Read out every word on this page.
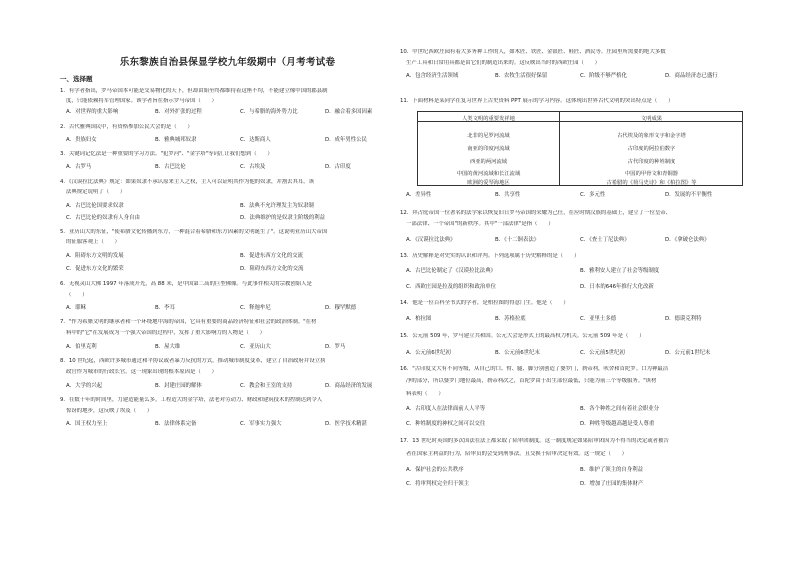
乐东黎族自治县保显学校九年级期中（月考考试卷
一、选择题
1．有学者指出，罗马帝国本可能是交易物化的天下，但却由始至终都维持着这座不均，不能建立像中国的郡县制
度，只能依赖将军管理国家。该学者旨在指示罗马帝国（　　）
A．对世界的重大影响	B．对外扩张的过程	C．与希腊的海外势力比	D．融合着多国因素
2．古代雅典国民中，有资格参加公民大会的是（　　）
A．贵族妇女	B．雅典城邦奴隶	C．达斯商人	D．成年男性公民
3．关键词记忆法是一种重要的学习方法。"犯罗河"、"金字塔"等词汇让我们想到（　　）
A．古罗马	B．古巴比伦	C．古埃及	D．古印度
4．《汉谟拉比法典》规定：如果奴隶不承认原来主人之权，主人可以证明其作为他的奴隶，并割去其耳。该
法典规定说明了（　　）
A．古巴比伦国要求奴隶	B．法典不允许理发主为奴隶制
C．古巴比伦的奴隶有人身自由	D．法典维护的是奴隶主阶级的利益
5．亚历山大的东征，"使希腊文化传播到东方，一种混合着希腊和东方因素的文明诞生了"。这说明亚历山大帝国
的征服客观上（　　）
A．阻碍东方文明的发展	B．促进东西方文化的交流
C．促进东方文化的繁荣	D．阻碍东西方文化的交流
6．无视灵山大佛 1997 年落成开光，高 88 米，是中国第二高的巨型佛像。与此事件相关的宗教创始人是
（　　）
A．耶稣	B．李耳	C．释迦牟尼	D．穆罕默德
7．"作为希腊文明的继承者和一个环绕地中海的帝国，它具有重要的商品经济特征和社会的政治体制。"在材
料中的"它"在发展成为一个强大帝国的过程中，发挥了重大影响力的人物是（　　）
A．伯里克利	B．屋大维	C．亚历山大	D．罗马
8．10 世纪起，西欧许多城市通过和平协议或者暴力反抗的方式，推动城市制度变革，建立了自治政府并设立执
政官作为城市的行政长官。这一现象出现的根本原因是（　　）
A．大学的兴起	B．封建庄园的解体	C．教会和王室的支持	D．商品经济的发展
9．在数千年的时间里，力建造能量么多，工程造大的金字塔，法老对劳动力、财政和建筑技术的控制达到令人
惊讶的地步，这反映了埃及（　　）
A．国王权力至上	B．法律体系完备	C．军事实力强大	D．医学技术精湛
10．中世纪西欧庄园有着大多务种工作的人，如木匠、铁匠、金银匠、鞋匠、酒民等。庄园里所需要的绝大多数
生产工具和日常用具都是由它们的制造出来的。这反映出当时的西欧庄园（　　）
A．包含经济生活领域	B．农牧生活很好保留	C．阶级不够严格化	D．商品经济态已盛行
11．下面材料是某同学在复习世界上古史资料 PPT 展示的学习内容。这体现出世界古代文明的突出特点是（　　）
人类文明的重要发祥地	文明成果
北非的尼罗河流域	古代埃及的象形文字和金字塔
南亚的印度河流域	古印度的阿拉伯数字
西亚的两河流域	古代印度的种姓制度
中国的黄河流域和长江流域	中国的甲骨文和青铜器
欧洲的爱琴海地区	古希腊的《荷马史诗》和《柏拉图》等
A．差异性	B．共享性	C．多元性	D．发展的不平衡性
12．拜占庭帝国一位著名的法学家以恢复旧日罗马帝国的荣耀为己任，在应时期汉族的基础上，建立了一位皇帝、
一部法律、一个帝国"的新秩序。其中"一部法律"是指（　　）
A．《汉谟拉比法典》	B．《十二铜表法》	C．《查士丁尼法典》	D．《拿破仑法典》
13．历史解释是对史实的认识和评判。下列选项属于历史解释的是（　　）
A．古巴比伦制定了《汉谟拉比法典》	B．雅利安人建立了社会等级制度
C．西欧庄园是拉及的组织和政治单位	D．日本的646年推行大化改新
14．他是一位百科全书式的学者，是柏拉图的得意门生。他是（　　）
A．柏拉图	B．苏格拉底	C．亚里士多德	D．德谟克利特
15．公元前 509 年，罗马建立共和国。公元大会是形式上的最高权力机关。公元前 509 年是（　　）
A．公元前6世纪初	B．公元前6世纪末	C．公元前5世纪初	D．公元前1世纪末
16．"古印度文大有不同等级，从自己的口、臂、腿、脚分别创造了婆罗门，刹帝利，吠舍和首陀罗。口为神最洁
净的部分，所以婆罗门地位最高，刹帝利次之，首陀罗由于出生部位最低，只能为前三个等级服务。"该材
料表明（　　）
A．古印度人在法律面前人人平等	B．各个种姓之间有着社会职业分
C．种姓制度的神权之间可以交往	D．种姓等级越高越是受人尊重
17．13 世纪时英国的多次国法在法上都采取了陪审团制度。这一制度规定如果陪审团因为不得当的决定或者被告
者在国家主利益的行为，陪审员的会受到刑事法。且交换于陪审决定有效。这一规定（　　）
A．保护社会的公共秩序	B．维护了领主的自身利益
C．将审判权完全归于领主	D．增加了庄园的集体财产
